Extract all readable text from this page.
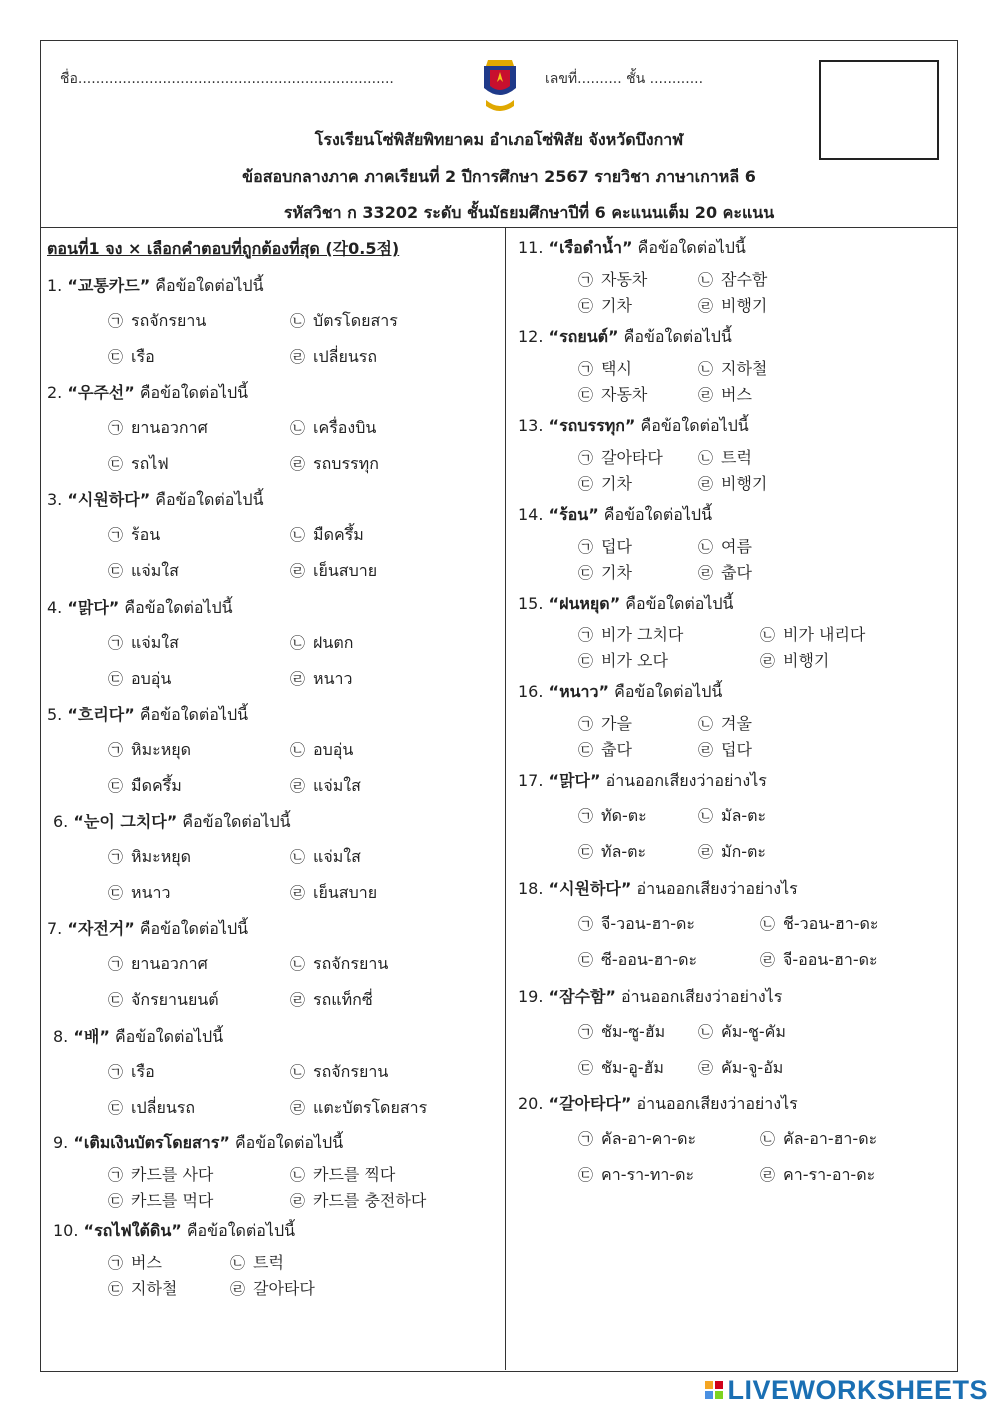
ชื่อ.......................................................................	เลขที่.......... ชั้น ............
โรงเรียนโซ่พิสัยพิทยาคม อำเภอโซ่พิสัย จังหวัดบึงกาฬ
ข้อสอบกลางภาค ภาคเรียนที่ 2 ปีการศึกษา 2567 รายวิชา ภาษาเกาหลี 6
รหัสวิชา ก 33202 ระดับ ชั้นมัธยมศึกษาปีที่ 6 คะแนนเต็ม 20 คะแนน
ตอนที่1 จง × เลือกคำตอบที่ถูกต้องที่สุด (각0.5점)
1. “교통카드” คือข้อใดต่อไปนี้
㉠ รถจักรยาน	㉡ บัตรโดยสาร
㉢ เรือ	㉣ เปลี่ยนรถ
2. “우주선” คือข้อใดต่อไปนี้
㉠ ยานอวกาศ	㉡ เครื่องบิน
㉢ รถไฟ	㉣ รถบรรทุก
3. “시원하다” คือข้อใดต่อไปนี้
㉠ ร้อน	㉡ มืดครึ้ม
㉢ แจ่มใส	㉣ เย็นสบาย
4. “맑다” คือข้อใดต่อไปนี้
㉠ แจ่มใส	㉡ ฝนตก
㉢ อบอุ่น	㉣ หนาว
5. “흐리다” คือข้อใดต่อไปนี้
㉠ หิมะหยุด	㉡ อบอุ่น
㉢ มืดครึ้ม	㉣ แจ่มใส
6. “눈이 그치다” คือข้อใดต่อไปนี้
㉠ หิมะหยุด	㉡ แจ่มใส
㉢ หนาว	㉣ เย็นสบาย
7. “자전거” คือข้อใดต่อไปนี้
㉠ ยานอวกาศ	㉡ รถจักรยาน
㉢ จักรยานยนต์	㉣ รถแท็กซี่
8. “배” คือข้อใดต่อไปนี้
㉠ เรือ	㉡ รถจักรยาน
㉢ เปลี่ยนรถ	㉣ แตะบัตรโดยสาร
9. “เติมเงินบัตรโดยสาร” คือข้อใดต่อไปนี้
㉠ 카드를 사다	㉡ 카드를 찍다
㉢ 카드를 먹다	㉣ 카드를 충전하다
10. “รถไฟใต้ดิน” คือข้อใดต่อไปนี้
㉠ 버스	㉡ 트럭
㉢ 지하철	㉣ 갈아타다
11. “เรือดำน้ำ” คือข้อใดต่อไปนี้
㉠ 자동차	㉡ 잠수함
㉢ 기차	㉣ 비행기
12. “รถยนต์” คือข้อใดต่อไปนี้
㉠ 택시	㉡ 지하철
㉢ 자동차	㉣ 버스
13. “รถบรรทุก” คือข้อใดต่อไปนี้
㉠ 갈아타다 ㉡ 트럭
㉢ 기차	㉣ 비행기
14. “ร้อน” คือข้อใดต่อไปนี้
㉠ 덥다	㉡ 여름
㉢ 기차	㉣ 춥다
15. “ฝนหยุด” คือข้อใดต่อไปนี้
㉠ 비가 그치다	㉡ 비가 내리다
㉢ 비가 오다	㉣ 비행기
16. “หนาว” คือข้อใดต่อไปนี้
㉠ 가을	㉡ 겨울
㉢ 춥다	㉣ 덥다
17. “맑다” อ่านออกเสียงว่าอย่างไร
㉠ ทัด-ตะ	㉡ มัล-ตะ
㉢ ทัล-ตะ	㉣ มัก-ตะ
18. “시원하다” อ่านออกเสียงว่าอย่างไร
㉠ จี-วอน-ฮา-ดะ	㉡ ชี-วอน-ฮา-ดะ
㉢ ซี-ออน-ฮา-ดะ	㉣ จี-ออน-ฮา-ดะ
19. “잠수함” อ่านออกเสียงว่าอย่างไร
㉠ ชัม-ซู-ฮัม ㉡ คัม-ชู-คัม
㉢ ชัม-อู-ฮัม ㉣ คัม-จู-อัม
20. “갈아타다” อ่านออกเสียงว่าอย่างไร
㉠ คัล-อา-คา-ดะ	㉡ คัล-อา-ฮา-ดะ
㉢ คา-รา-ทา-ดะ	㉣ คา-รา-อา-ดะ
LIVEWORKSHEETS
